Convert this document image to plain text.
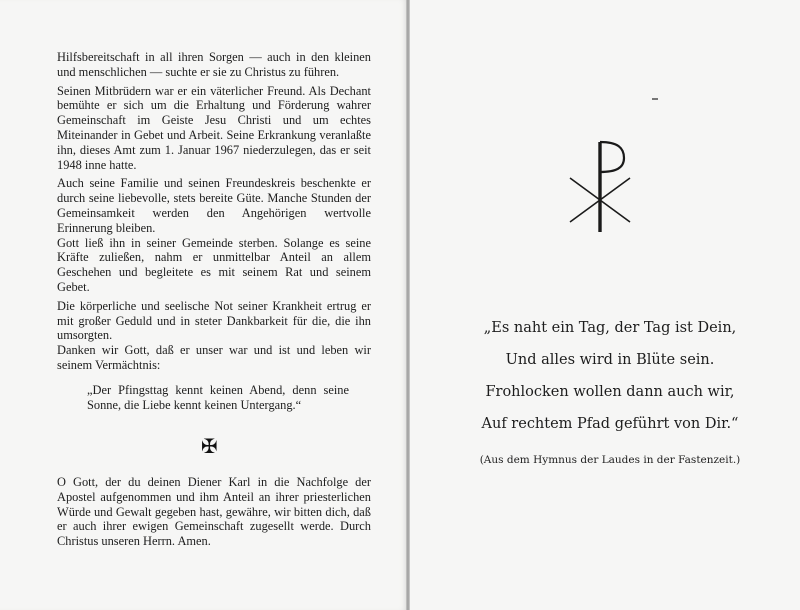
Hilfsbereitschaft in all ihren Sorgen — auch in den kleinen und menschlichen — suchte er sie zu Christus zu führen.

Seinen Mitbrüdern war er ein väterlicher Freund. Als Dechant bemühte er sich um die Erhaltung und Förderung wahrer Gemeinschaft im Geiste Jesu Christi und um echtes Miteinander in Gebet und Arbeit. Seine Erkrankung veranlaßte ihn, dieses Amt zum 1. Januar 1967 niederzulegen, das er seit 1948 inne hatte.

Auch seine Familie und seinen Freundeskreis beschenkte er durch seine liebevolle, stets bereite Güte. Manche Stunden der Gemeinsamkeit werden den Angehörigen wertvolle Erinnerung bleiben.

Gott ließ ihn in seiner Gemeinde sterben. Solange es seine Kräfte zuließen, nahm er unmittelbar Anteil an allem Geschehen und begleitete es mit seinem Rat und seinem Gebet.

Die körperliche und seelische Not seiner Krankheit ertrug er mit großer Geduld und in steter Dankbarkeit für die, die ihn umsorgten.

Danken wir Gott, daß er unser war und ist und leben wir seinem Vermächtnis:

„Der Pfingsttag kennt keinen Abend, denn seine Sonne, die Liebe kennt keinen Untergang.“

✠

O Gott, der du deinen Diener Karl in die Nachfolge der Apostel aufgenommen und ihm Anteil an ihrer priesterlichen Würde und Gewalt gegeben hast, gewähre, wir bitten dich, daß er auch ihrer ewigen Gemeinschaft zugesellt werde. Durch Christus unseren Herrn. Amen.

„Es naht ein Tag, der Tag ist Dein,
Und alles wird in Blüte sein.
Frohlocken wollen dann auch wir,
Auf rechtem Pfad geführt von Dir.“
(Aus dem Hymnus der Laudes in der Fastenzeit.)
